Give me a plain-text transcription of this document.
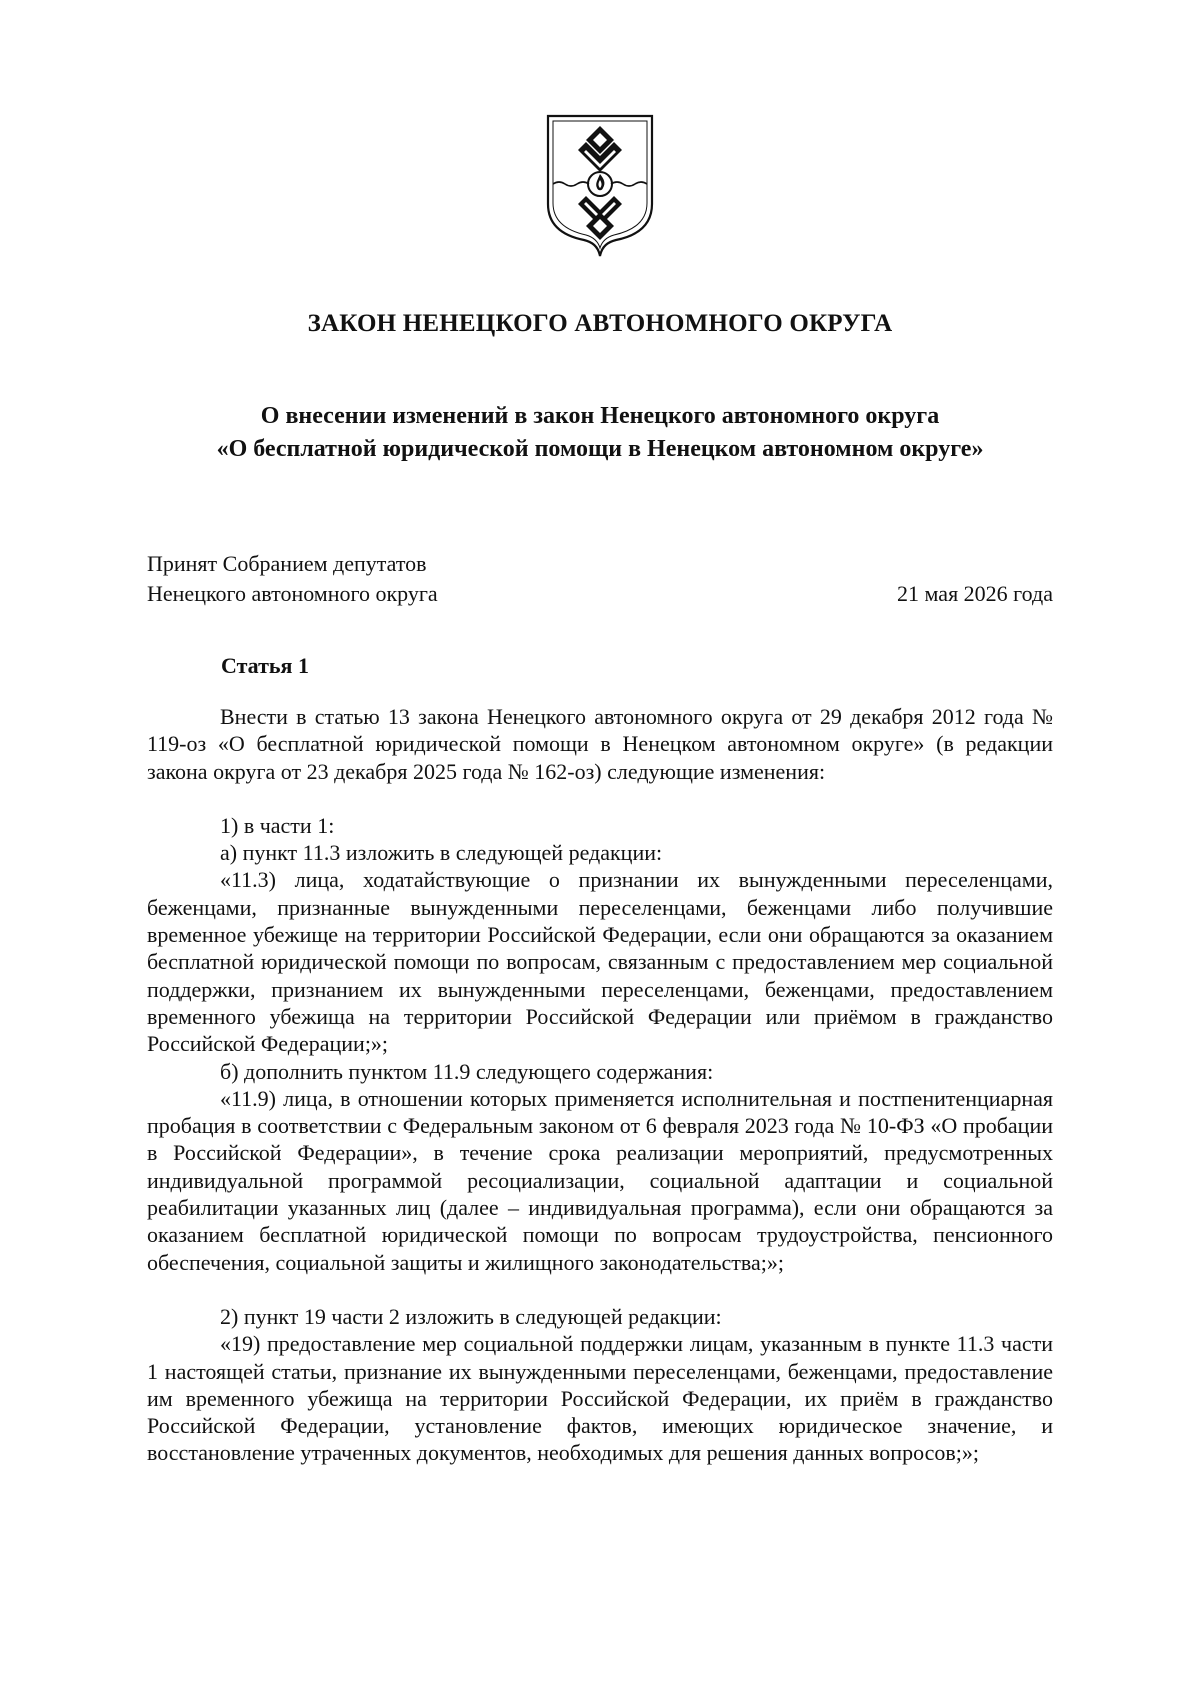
ЗАКОН НЕНЕЦКОГО АВТОНОМНОГО ОКРУГА
О внесении изменений в закон Ненецкого автономного округа
«О бесплатной юридической помощи в Ненецком автономном округе»
Принят Собранием депутатов
Ненецкого автономного округа	21 мая 2026 года
Статья 1

Внести в статью 13 закона Ненецкого автономного округа от 29 декабря 2012 года № 119-оз «О бесплатной юридической помощи в Ненецком автономном округе» (в редакции закона округа от 23 декабря 2025 года № 162-оз) следующие изменения:

1) в части 1:

а) пункт 11.3 изложить в следующей редакции:

«11.3) лица, ходатайствующие о признании их вынужденными переселенцами, беженцами, признанные вынужденными переселенцами, беженцами либо получившие временное убежище на территории Российской Федерации, если они обращаются за оказанием бесплатной юридической помощи по вопросам, связанным с предоставлением мер социальной поддержки, признанием их вынужденными переселенцами, беженцами, предоставлением временного убежища на территории Российской Федерации или приёмом в гражданство Российской Федерации;»;

б) дополнить пунктом 11.9 следующего содержания:

«11.9) лица, в отношении которых применяется исполнительная и постпенитенциарная пробация в соответствии с Федеральным законом от 6 февраля 2023 года № 10-ФЗ «О пробации в Российской Федерации», в течение срока реализации мероприятий, предусмотренных индивидуальной программой ресоциализации, социальной адаптации и социальной реабилитации указанных лиц (далее – индивидуальная программа), если они обращаются за оказанием бесплатной юридической помощи по вопросам трудоустройства, пенсионного обеспечения, социальной защиты и жилищного законодательства;»;

2) пункт 19 части 2 изложить в следующей редакции:

«19) предоставление мер социальной поддержки лицам, указанным в пункте 11.3 части 1 настоящей статьи, признание их вынужденными переселенцами, беженцами, предоставление им временного убежища на территории Российской Федерации, их приём в гражданство Российской Федерации, установление фактов, имеющих юридическое значение, и восстановление утраченных документов, необходимых для решения данных вопросов;»;
